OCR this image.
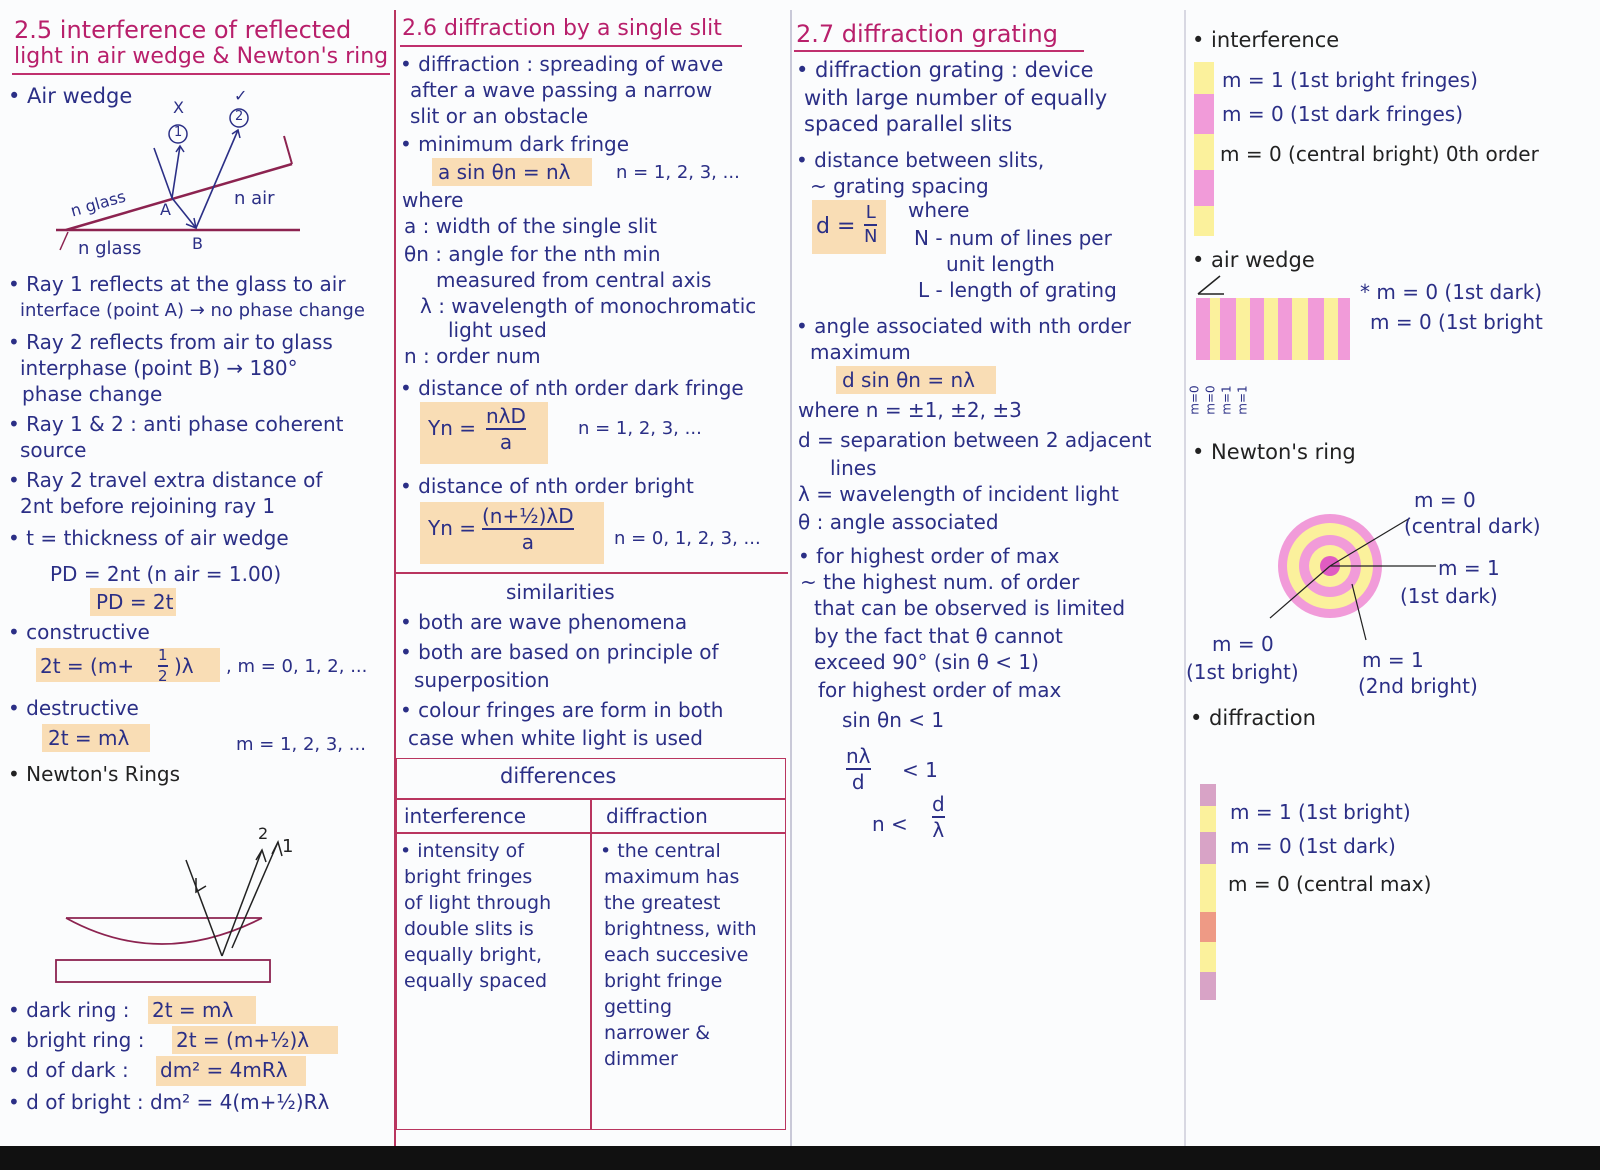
2.5 interference of reflected
light in air wedge & Newton's ring
• Air wedge	X
✓
1
2
n glass	n air
A
B
n glass
• Ray 1 reflects at the glass to air
interface (point A) → no phase change
• Ray 2 reflects from air to glass
interphase (point B) → 180°
phase change
• Ray 1 & 2 : anti phase coherent
source
• Ray 2 travel extra distance of
2nt before rejoining ray 1
• t = thickness of air wedge
PD = 2nt (n air = 1.00)
PD = 2t
• constructive
2t = (m+ 1
2 )λ , m = 0, 1, 2, ...
• destructive
2t = mλ	m = 1, 2, 3, ...
• Newton's Rings
2
1
• dark ring : 2t = mλ
• bright ring : 2t = (m+½)λ
• d of dark : dm² = 4mRλ
• d of bright : dm² = 4(m+½)Rλ
2.6 diffraction by a single slit
• diffraction : spreading of wave
after a wave passing a narrow
slit or an obstacle
• minimum dark fringe
a sin θn = nλ	n = 1, 2, 3, ...
where
a : width of the single slit
θn : angle for the nth min
measured from central axis
λ : wavelength of monochromatic
light used
n : order num
• distance of nth order dark fringe
Yn = nλD
a
n = 1, 2, 3, ...
• distance of nth order bright
Yn = (n+½)λD
a	n = 0, 1, 2, 3, ...
similarities
• both are wave phenomena
• both are based on principle of
superposition
• colour fringes are form in both
case when white light is used
differences
interference	diffraction
• intensity of
bright fringes
of light through
double slits is
equally bright,
equally spaced
• the central
maximum has
the greatest
brightness, with
each succesive
bright fringe
getting
narrower &
dimmer
2.7 diffraction grating
• diffraction grating : device
with large number of equally
spaced parallel slits
• distance between slits,
~ grating spacing
d =
L
N
where
N - num of lines per
unit length
L - length of grating
• angle associated with nth order
maximum
d sin θn = nλ
where n = ±1, ±2, ±3
d = separation between 2 adjacent
lines
λ = wavelength of incident light
θ : angle associated
• for highest order of max
~ the highest num. of order
that can be observed is limited
by the fact that θ cannot
exceed 90° (sin θ < 1)
for highest order of max
sin θn < 1
nλ
d < 1
n <
d
λ
• interference
m = 1 (1st bright fringes)
m = 0 (1st dark fringes)
m = 0 (central bright) 0th order
• air wedge
* m = 0 (1st dark)
m = 0 (1st bright
m=0 m=0 m=1 m=1
• Newton's ring
m = 0
(central dark)
m = 1
(1st dark)
m = 0
(1st bright)	m = 1
(2nd bright)
• diffraction
m = 1 (1st bright)
m = 0 (1st dark)
m = 0 (central max)
